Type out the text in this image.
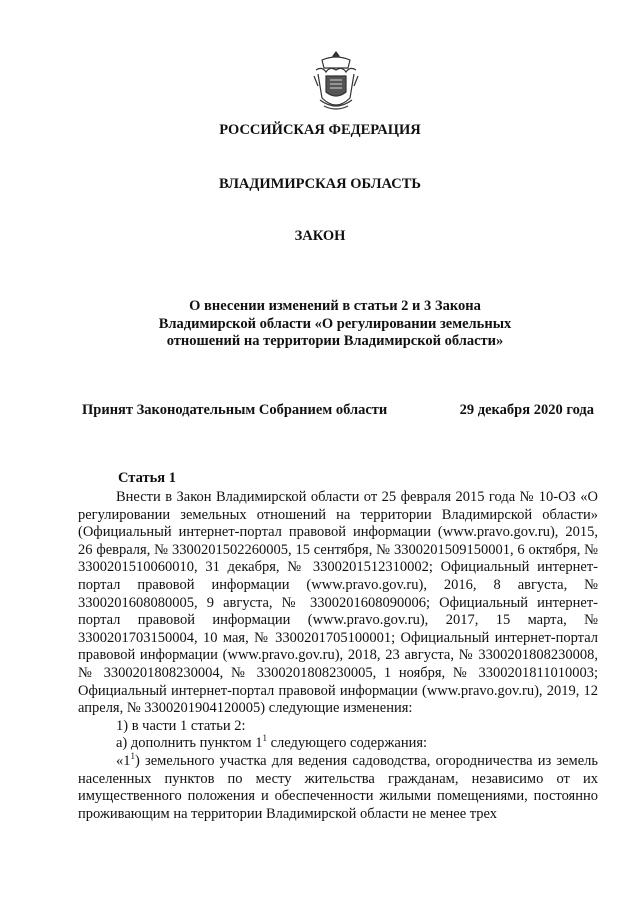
РОССИЙСКАЯ ФЕДЕРАЦИЯ
ВЛАДИМИРСКАЯ ОБЛАСТЬ
ЗАКОН
О внесении изменений в статьи 2 и 3 Закона Владимирской области «О регулировании земельных отношений на территории Владимирской области»
Принят Законодательным Собранием области	29 декабря 2020 года
Статья 1

Внести в Закон Владимирской области от 25 февраля 2015 года № 10-ОЗ «О регулировании земельных отношений на территории Владимирской области» (Официальный интернет-портал правовой информации (www.pravo.gov.ru), 2015, 26 февраля, № 3300201502260005, 15 сентября, № 3300201509150001, 6 октября, № 3300201510060010, 31 декабря, № 3300201512310002; Официальный интернет-портал правовой информации (www.pravo.gov.ru), 2016, 8 августа, № 3300201608080005, 9 августа, № 3300201608090006; Официальный интернет-портал правовой информации (www.pravo.gov.ru), 2017, 15 марта, № 3300201703150004, 10 мая, № 3300201705100001; Официальный интернет-портал правовой информации (www.pravo.gov.ru), 2018, 23 августа, № 3300201808230008, № 3300201808230004, № 3300201808230005, 1 ноября, № 3300201811010003; Официальный интернет-портал правовой информации (www.pravo.gov.ru), 2019, 12 апреля, № 3300201904120005) следующие изменения:

1) в части 1 статьи 2:

а) дополнить пунктом $1^1$ следующего содержания:

«$1^1$) земельного участка для ведения садоводства, огородничества из земель населенных пунктов по месту жительства гражданам, независимо от их имущественного положения и обеспеченности жилыми помещениями, постоянно проживающим на территории Владимирской области не менее трех
